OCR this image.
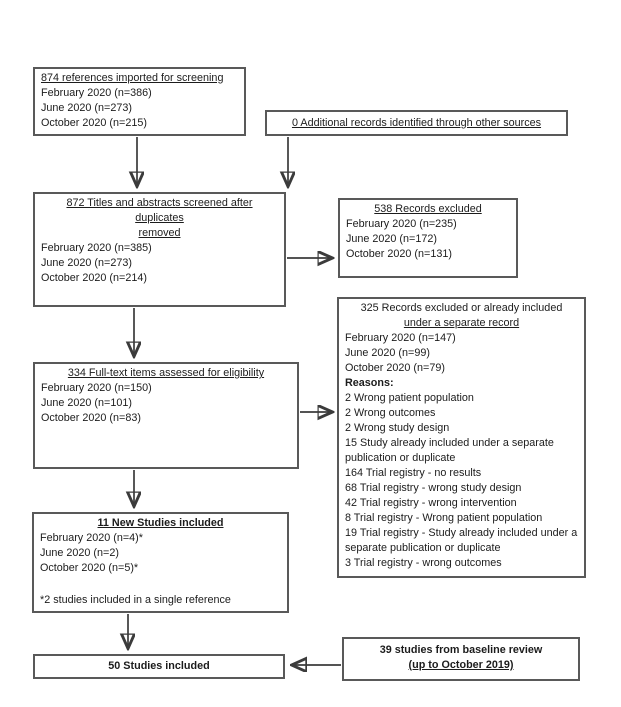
874 references imported for screening
February 2020 (n=386)
June 2020 (n=273)
October 2020 (n=215)	0 Additional records identified through other sources
872 Titles and abstracts screened after duplicates
removed
February 2020 (n=385)
June 2020 (n=273)
October 2020 (n=214)
538 Records excluded
February 2020 (n=235)
June 2020 (n=172)
October 2020 (n=131)
334 Full-text items assessed for eligibility
February 2020 (n=150)
June 2020 (n=101)
October 2020 (n=83)
325 Records excluded or already included
under a separate record
February 2020 (n=147)
June 2020 (n=99)
October 2020 (n=79)
Reasons:
2 Wrong patient population
2 Wrong outcomes
2 Wrong study design
15 Study already included under a separate publication or duplicate
164 Trial registry - no results
68 Trial registry - wrong study design
42 Trial registry - wrong intervention
8 Trial registry - Wrong patient population
19 Trial registry - Study already included under a separate publication or duplicate
3 Trial registry - wrong outcomes
11 New Studies included
February 2020 (n=4)*
June 2020 (n=2)
October 2020 (n=5)*
*2 studies included in a single reference
50 Studies included
39 studies from baseline review
(up to October 2019)
